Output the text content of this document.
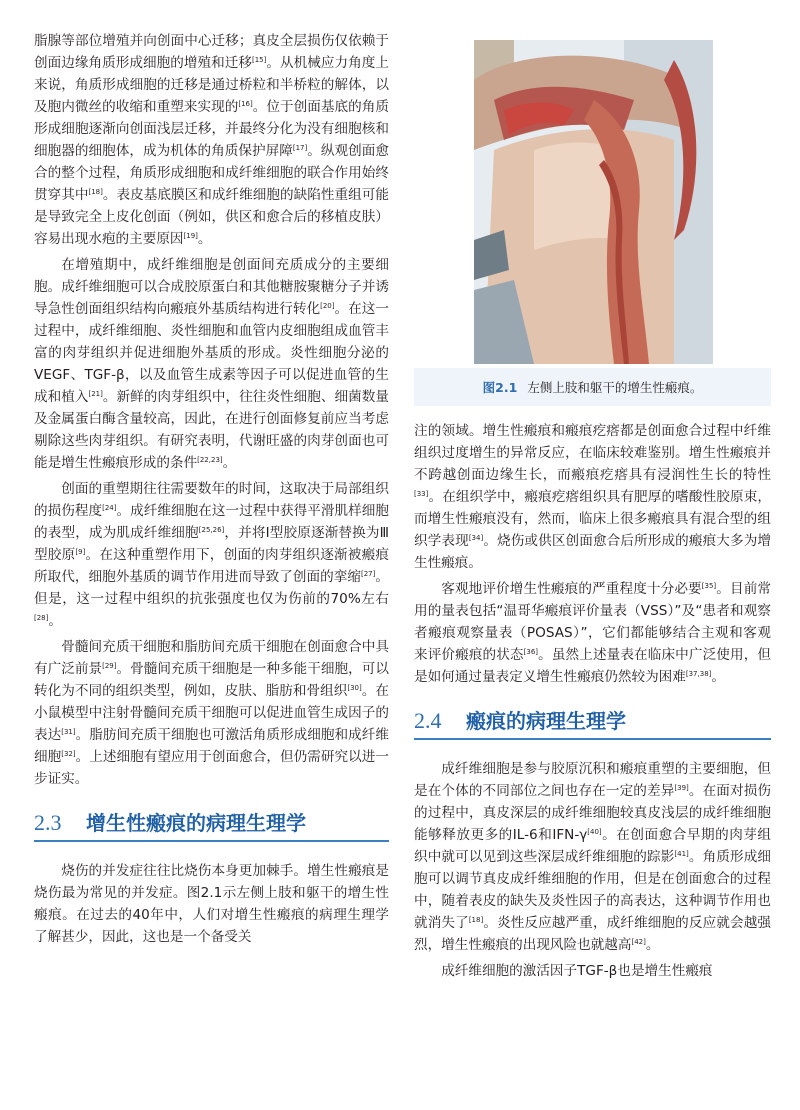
脂腺等部位增殖并向创面中心迁移；真皮全层损伤仅依赖于创面边缘角质形成细胞的增殖和迁移[15]。从机械应力角度上来说，角质形成细胞的迁移是通过桥粒和半桥粒的解体，以及胞内微丝的收缩和重塑来实现的[16]。位于创面基底的角质形成细胞逐渐向创面浅层迁移，并最终分化为没有细胞核和细胞器的细胞体，成为机体的角质保护屏障[17]。纵观创面愈合的整个过程，角质形成细胞和成纤维细胞的联合作用始终贯穿其中[18]。表皮基底膜区和成纤维细胞的缺陷性重组可能是导致完全上皮化创面（例如，供区和愈合后的移植皮肤）容易出现水疱的主要原因[19]。

在增殖期中，成纤维细胞是创面间充质成分的主要细胞。成纤维细胞可以合成胶原蛋白和其他糖胺聚糖分子并诱导急性创面组织结构向瘢痕外基质结构进行转化[20]。在这一过程中，成纤维细胞、炎性细胞和血管内皮细胞组成血管丰富的肉芽组织并促进细胞外基质的形成。炎性细胞分泌的VEGF、TGF-β，以及血管生成素等因子可以促进血管的生成和植入[21]。新鲜的肉芽组织中，往往炎性细胞、细菌数量及金属蛋白酶含量较高，因此，在进行创面修复前应当考虑剔除这些肉芽组织。有研究表明，代谢旺盛的肉芽创面也可能是增生性瘢痕形成的条件[22,23]。

创面的重塑期往往需要数年的时间，这取决于局部组织的损伤程度[24]。成纤维细胞在这一过程中获得平滑肌样细胞的表型，成为肌成纤维细胞[25,26]，并将Ⅰ型胶原逐渐替换为Ⅲ型胶原[9]。在这种重塑作用下，创面的肉芽组织逐渐被瘢痕所取代，细胞外基质的调节作用进而导致了创面的挛缩[27]。但是，这一过程中组织的抗张强度也仅为伤前的70%左右[28]。

骨髓间充质干细胞和脂肪间充质干细胞在创面愈合中具有广泛前景[29]。骨髓间充质干细胞是一种多能干细胞，可以转化为不同的组织类型，例如，皮肤、脂肪和骨组织[30]。在小鼠模型中注射骨髓间充质干细胞可以促进血管生成因子的表达[31]。脂肪间充质干细胞也可激活角质形成细胞和成纤维细胞[32]。上述细胞有望应用于创面愈合，但仍需研究以进一步证实。

2.3	增生性瘢痕的病理生理学

烧伤的并发症往往比烧伤本身更加棘手。增生性瘢痕是烧伤最为常见的并发症。图2.1示左侧上肢和躯干的增生性瘢痕。在过去的40年中，人们对增生性瘢痕的病理生理学了解甚少，因此，这也是一个备受关

图2.1 左侧上肢和躯干的增生性瘢痕。

注的领域。增生性瘢痕和瘢痕疙瘩都是创面愈合过程中纤维组织过度增生的异常反应，在临床较难鉴别。增生性瘢痕并不跨越创面边缘生长，而瘢痕疙瘩具有浸润性生长的特性[33]。在组织学中，瘢痕疙瘩组织具有肥厚的嗜酸性胶原束，而增生性瘢痕没有，然而，临床上很多瘢痕具有混合型的组织学表现[34]。烧伤或供区创面愈合后所形成的瘢痕大多为增生性瘢痕。

客观地评价增生性瘢痕的严重程度十分必要[35]。目前常用的量表包括“温哥华瘢痕评价量表（VSS）”及“患者和观察者瘢痕观察量表（POSAS）”，它们都能够结合主观和客观来评价瘢痕的状态[36]。虽然上述量表在临床中广泛使用，但是如何通过量表定义增生性瘢痕仍然较为困难[37,38]。

2.4	瘢痕的病理生理学

成纤维细胞是参与胶原沉积和瘢痕重塑的主要细胞，但是在个体的不同部位之间也存在一定的差异[39]。在面对损伤的过程中，真皮深层的成纤维细胞较真皮浅层的成纤维细胞能够释放更多的IL-6和IFN-γ[40]。在创面愈合早期的肉芽组织中就可以见到这些深层成纤维细胞的踪影[41]。角质形成细胞可以调节真皮成纤维细胞的作用，但是在创面愈合的过程中，随着表皮的缺失及炎性因子的高表达，这种调节作用也就消失了[18]。炎性反应越严重，成纤维细胞的反应就会越强烈，增生性瘢痕的出现风险也就越高[42]。

成纤维细胞的激活因子TGF-β也是增生性瘢痕
